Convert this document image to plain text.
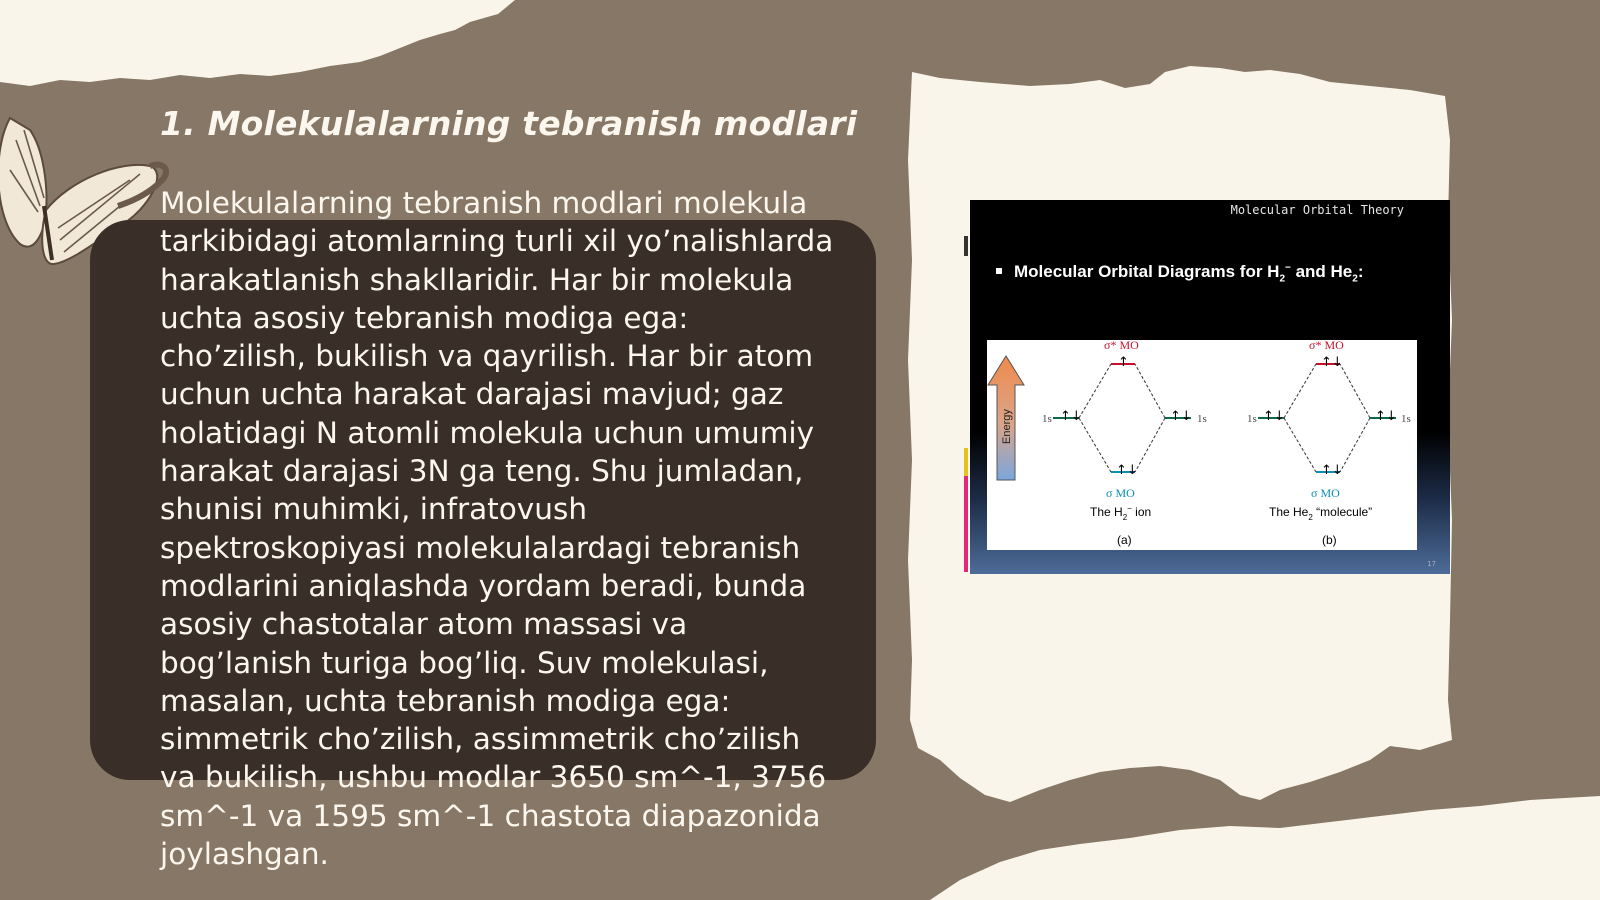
1. Molekulalarning tebranish modlari

Molekulalarning tebranish modlari molekula tarkibidagi atomlarning turli xil yo’nalishlarda harakatlanish shakllaridir. Har bir molekula uchta asosiy tebranish modiga ega: cho’zilish, bukilish va qayrilish. Har bir atom uchun uchta harakat darajasi mavjud; gaz holatidagi N atomli molekula uchun umumiy harakat darajasi 3N ga teng. Shu jumladan, shunisi muhimki, infratovush spektroskopiyasi molekulalardagi tebranish modlarini aniqlashda yordam beradi, bunda asosiy chastotalar atom massasi va bog’lanish turiga bog’liq. Suv molekulasi, masalan, uchta tebranish modiga ega: simmetrik cho’zilish, assimmetrik cho’zilish va bukilish, ushbu modlar 3650 sm^-1, 3756 sm^-1 va 1595 sm^-1 chastota diapazonida joylashgan.

Molecular Orbital Theory
Molecular Orbital Diagrams for $H_2^-$ and $He_2$:
Energy
σ* MO
↑
↑↓
1s	↑↓ 1s
↑↓
σ MO
The $H_2^-$ ion
(a)
σ* MO
↑↓
↑↓
1s	↑↓ 1s
↑↓
σ MO
The $He_2$ “molecule”
(b)
17
